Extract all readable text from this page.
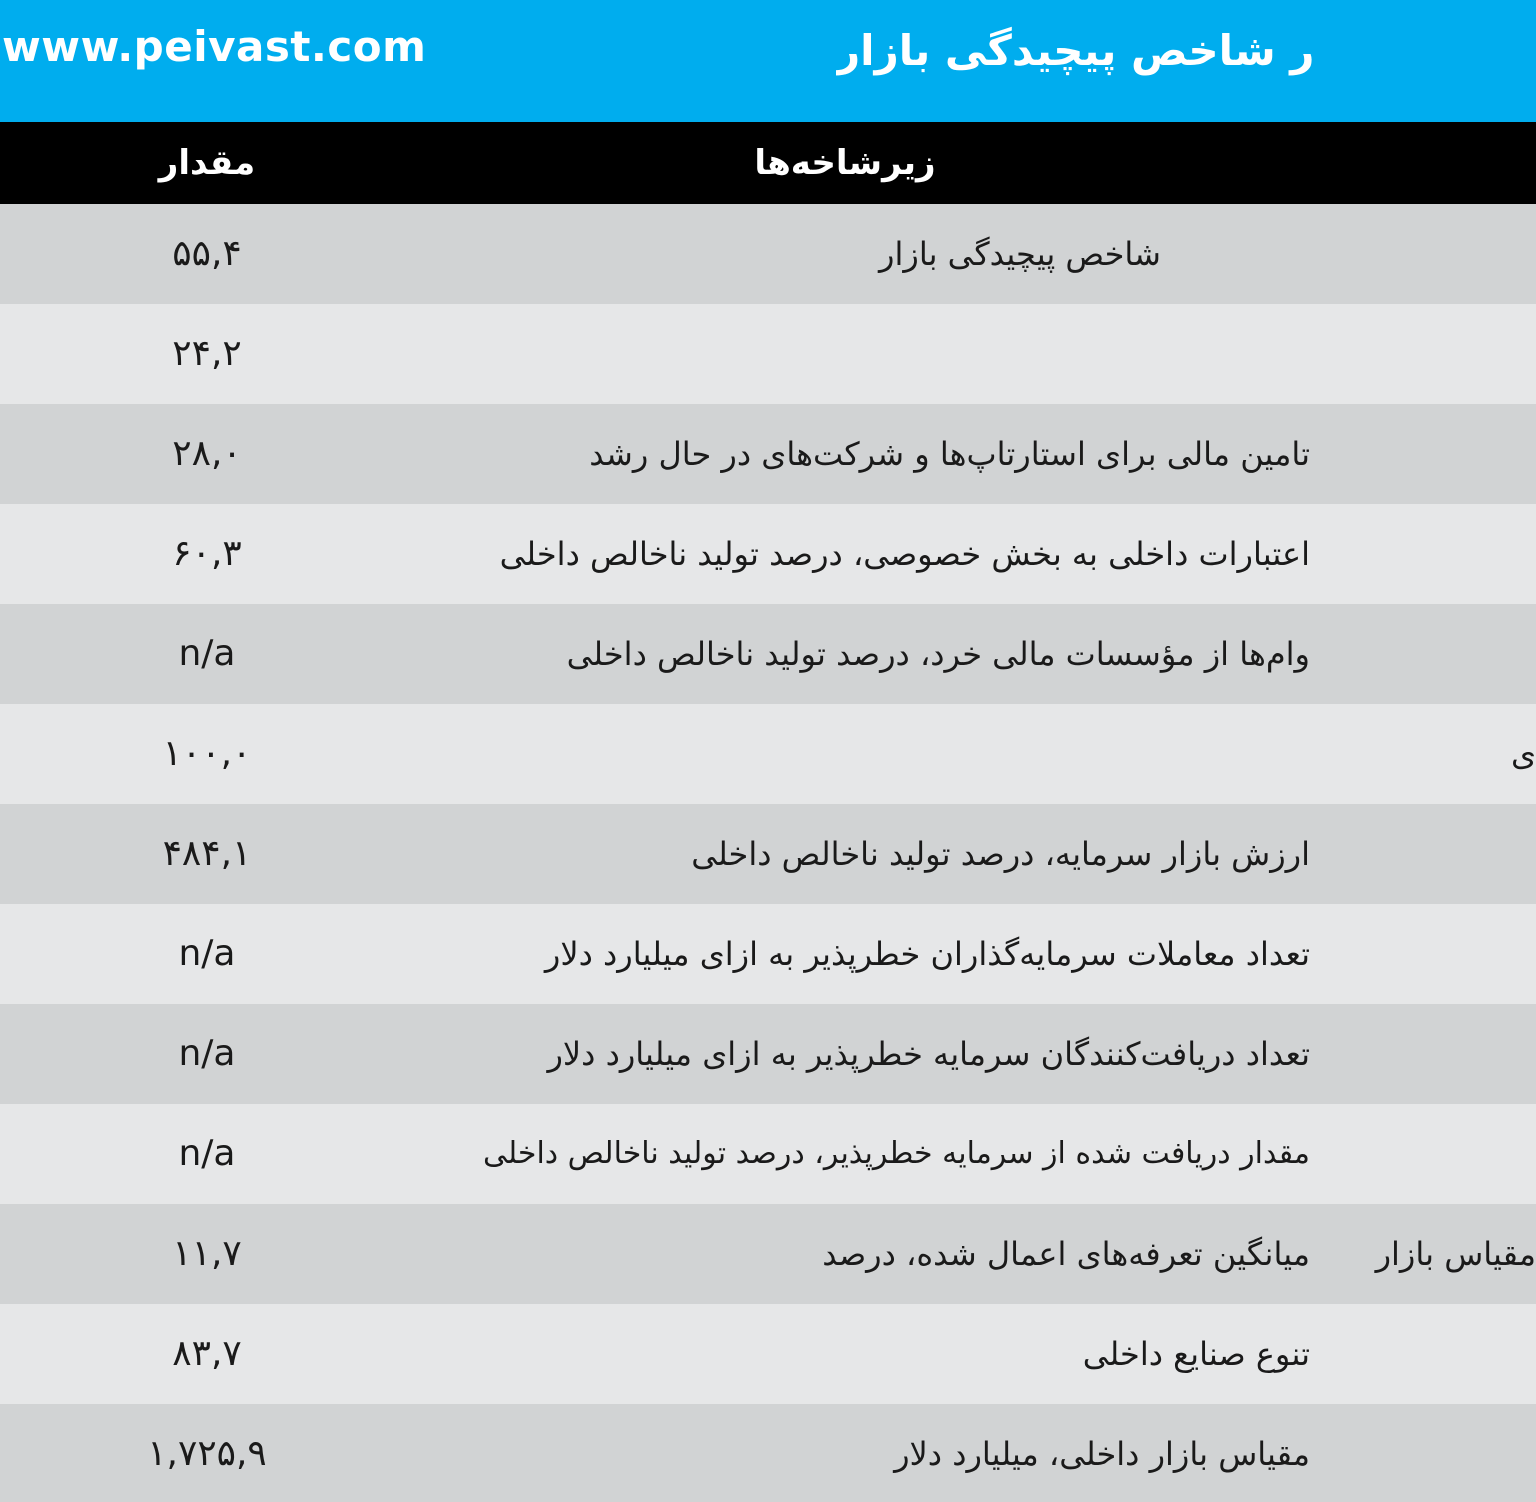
www.peivast.com	ر شاخص پیچیدگی بازار
مقدار	زیرشاخه‌ها
شاخص پیچیدگی بازار
۵۵,۴
۲۴,۲
تامین مالی برای استارتاپ‌ها و شرکت‌های در حال رشد
۲۸,۰
اعتبارات داخلی به بخش خصوصی، درصد تولید ناخالص داخلی
۶۰,۳
وام‌ها از مؤسسات مالی خرد، درصد تولید ناخالص داخلی
n/a
ی
۱۰۰,۰
ارزش بازار سرمایه، درصد تولید ناخالص داخلی
۴۸۴,۱
تعداد معاملات سرمایه‌گذاران خطرپذیر به ازای میلیارد دلار
n/a
تعداد دریافت‌کنندگان سرمایه خطرپذیر به ازای میلیارد دلار
n/a
مقدار دریافت شده از سرمایه خطرپذیر، درصد تولید ناخالص داخلی
n/a
مقیاس بازار
میانگین تعرفه‌های اعمال شده، درصد
۱۱,۷
تنوع صنایع داخلی
۸۳,۷
مقیاس بازار داخلی، میلیارد دلار
۱,۷۲۵,۹
